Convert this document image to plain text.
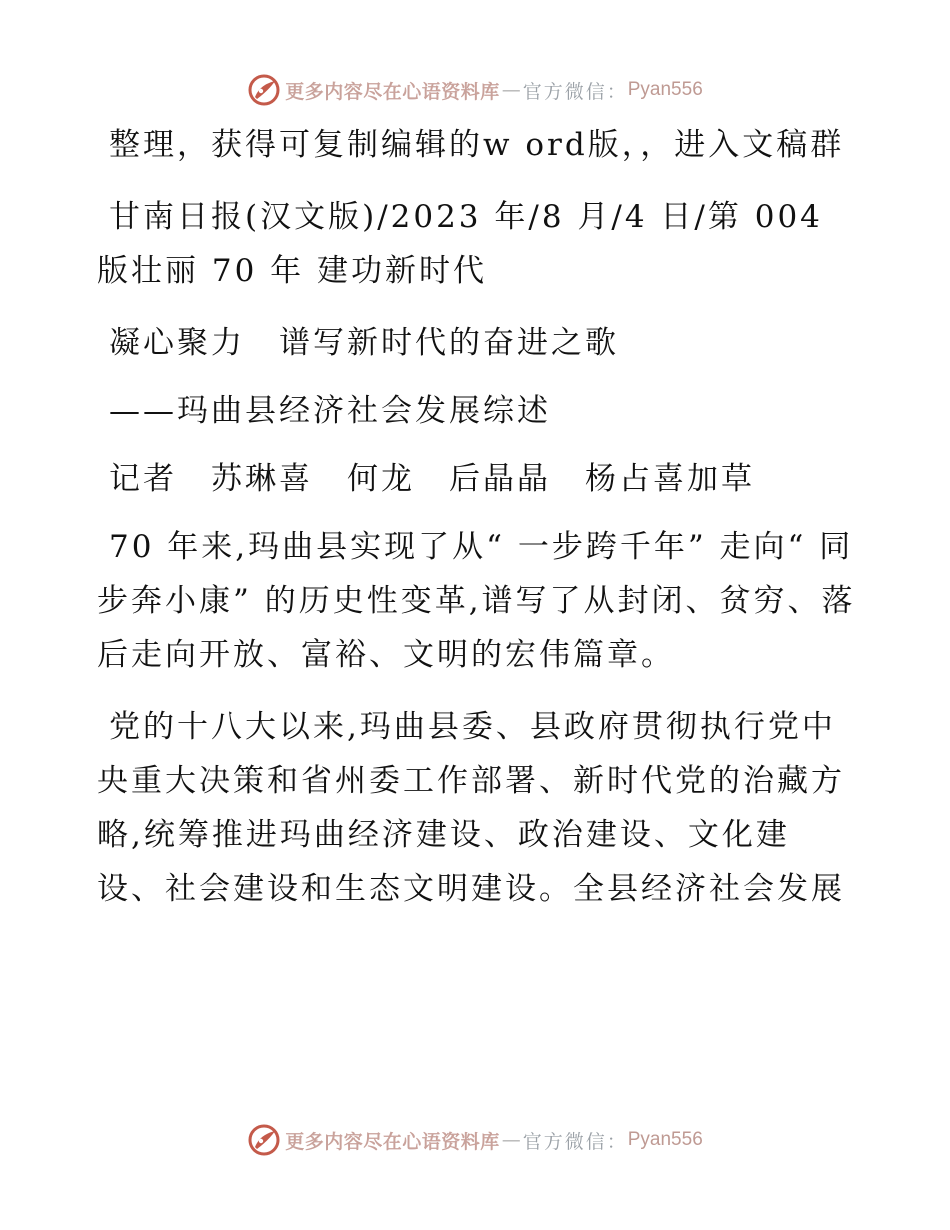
更多内容尽在心语资料库 — 官方微信： Pyan556

整理，获得可复制编辑的w ord版，，进入文稿群

甘南日报(汉文版)/2023 年/8 月/4 日/第 004 版壮丽 70 年 建功新时代

凝心聚力　谱写新时代的奋进之歌

——玛曲县经济社会发展综述

记者　苏琳喜　何龙　后晶晶　杨占喜加草

70 年来,玛曲县实现了从“ 一步跨千年” 走向“ 同步奔小康” 的历史性变革,谱写了从封闭、贫穷、落后走向开放、富裕、文明的宏伟篇章。

党的十八大以来,玛曲县委、县政府贯彻执行党中央重大决策和省州委工作部署、新时代党的治藏方略,统筹推进玛曲经济建设、政治建设、文化建设、社会建设和生态文明建设。全县经济社会发展

更多内容尽在心语资料库 — 官方微信： Pyan556
